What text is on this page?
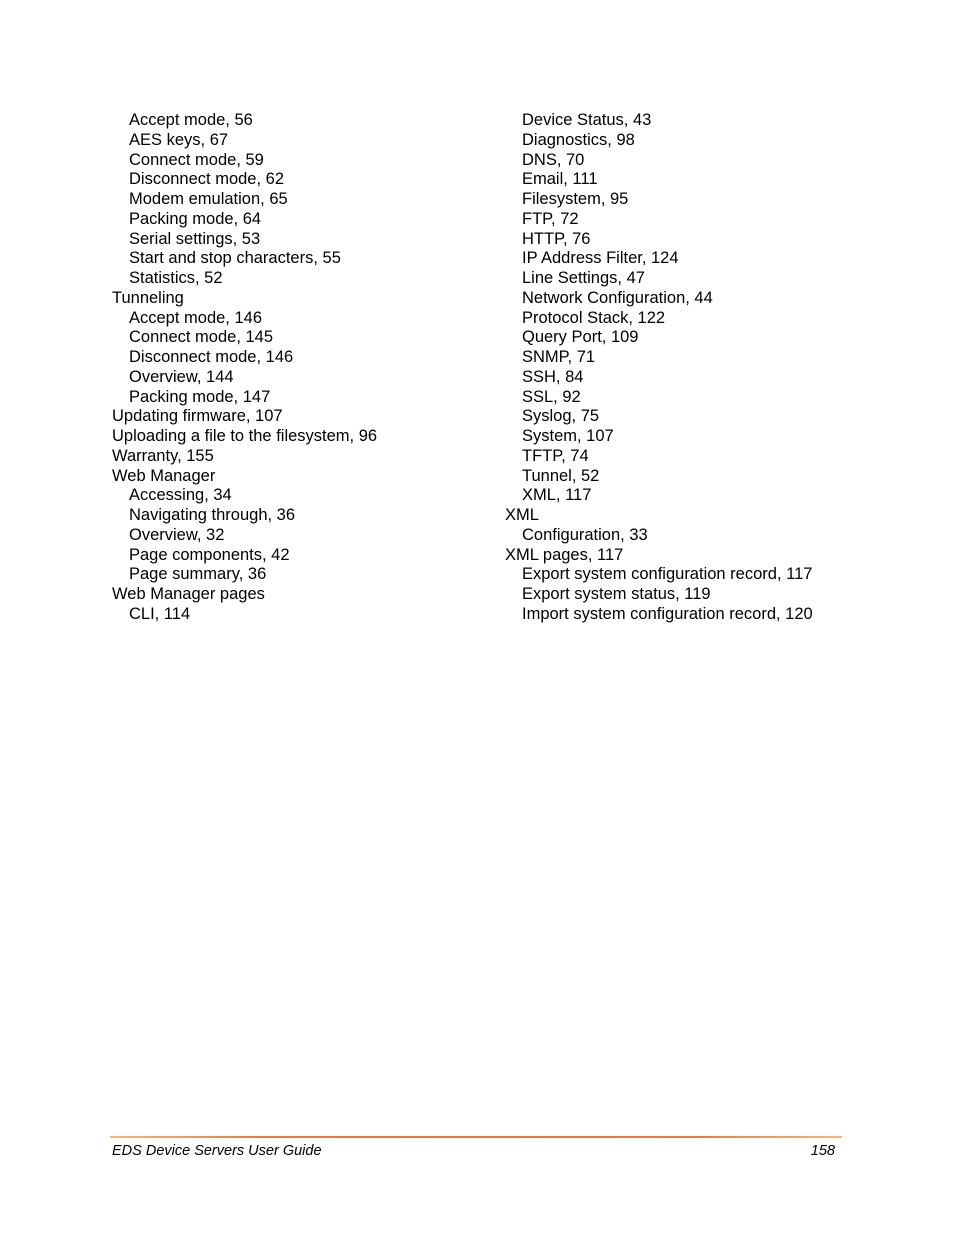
Accept mode, 56
AES keys, 67
Connect mode, 59
Disconnect mode, 62
Modem emulation, 65
Packing mode, 64
Serial settings, 53
Start and stop characters, 55
Statistics, 52
Tunneling
Accept mode, 146
Connect mode, 145
Disconnect mode, 146
Overview, 144
Packing mode, 147
Updating firmware, 107
Uploading a file to the filesystem, 96
Warranty, 155
Web Manager
Accessing, 34
Navigating through, 36
Overview, 32
Page components, 42
Page summary, 36
Web Manager pages
CLI, 114
Device Status, 43
Diagnostics, 98
DNS, 70
Email, 111
Filesystem, 95
FTP, 72
HTTP, 76
IP Address Filter, 124
Line Settings, 47
Network Configuration, 44
Protocol Stack, 122
Query Port, 109
SNMP, 71
SSH, 84
SSL, 92
Syslog, 75
System, 107
TFTP, 74
Tunnel, 52
XML, 117
XML
Configuration, 33
XML pages, 117
Export system configuration record, 117
Export system status, 119
Import system configuration record, 120
EDS Device Servers User Guide	158
